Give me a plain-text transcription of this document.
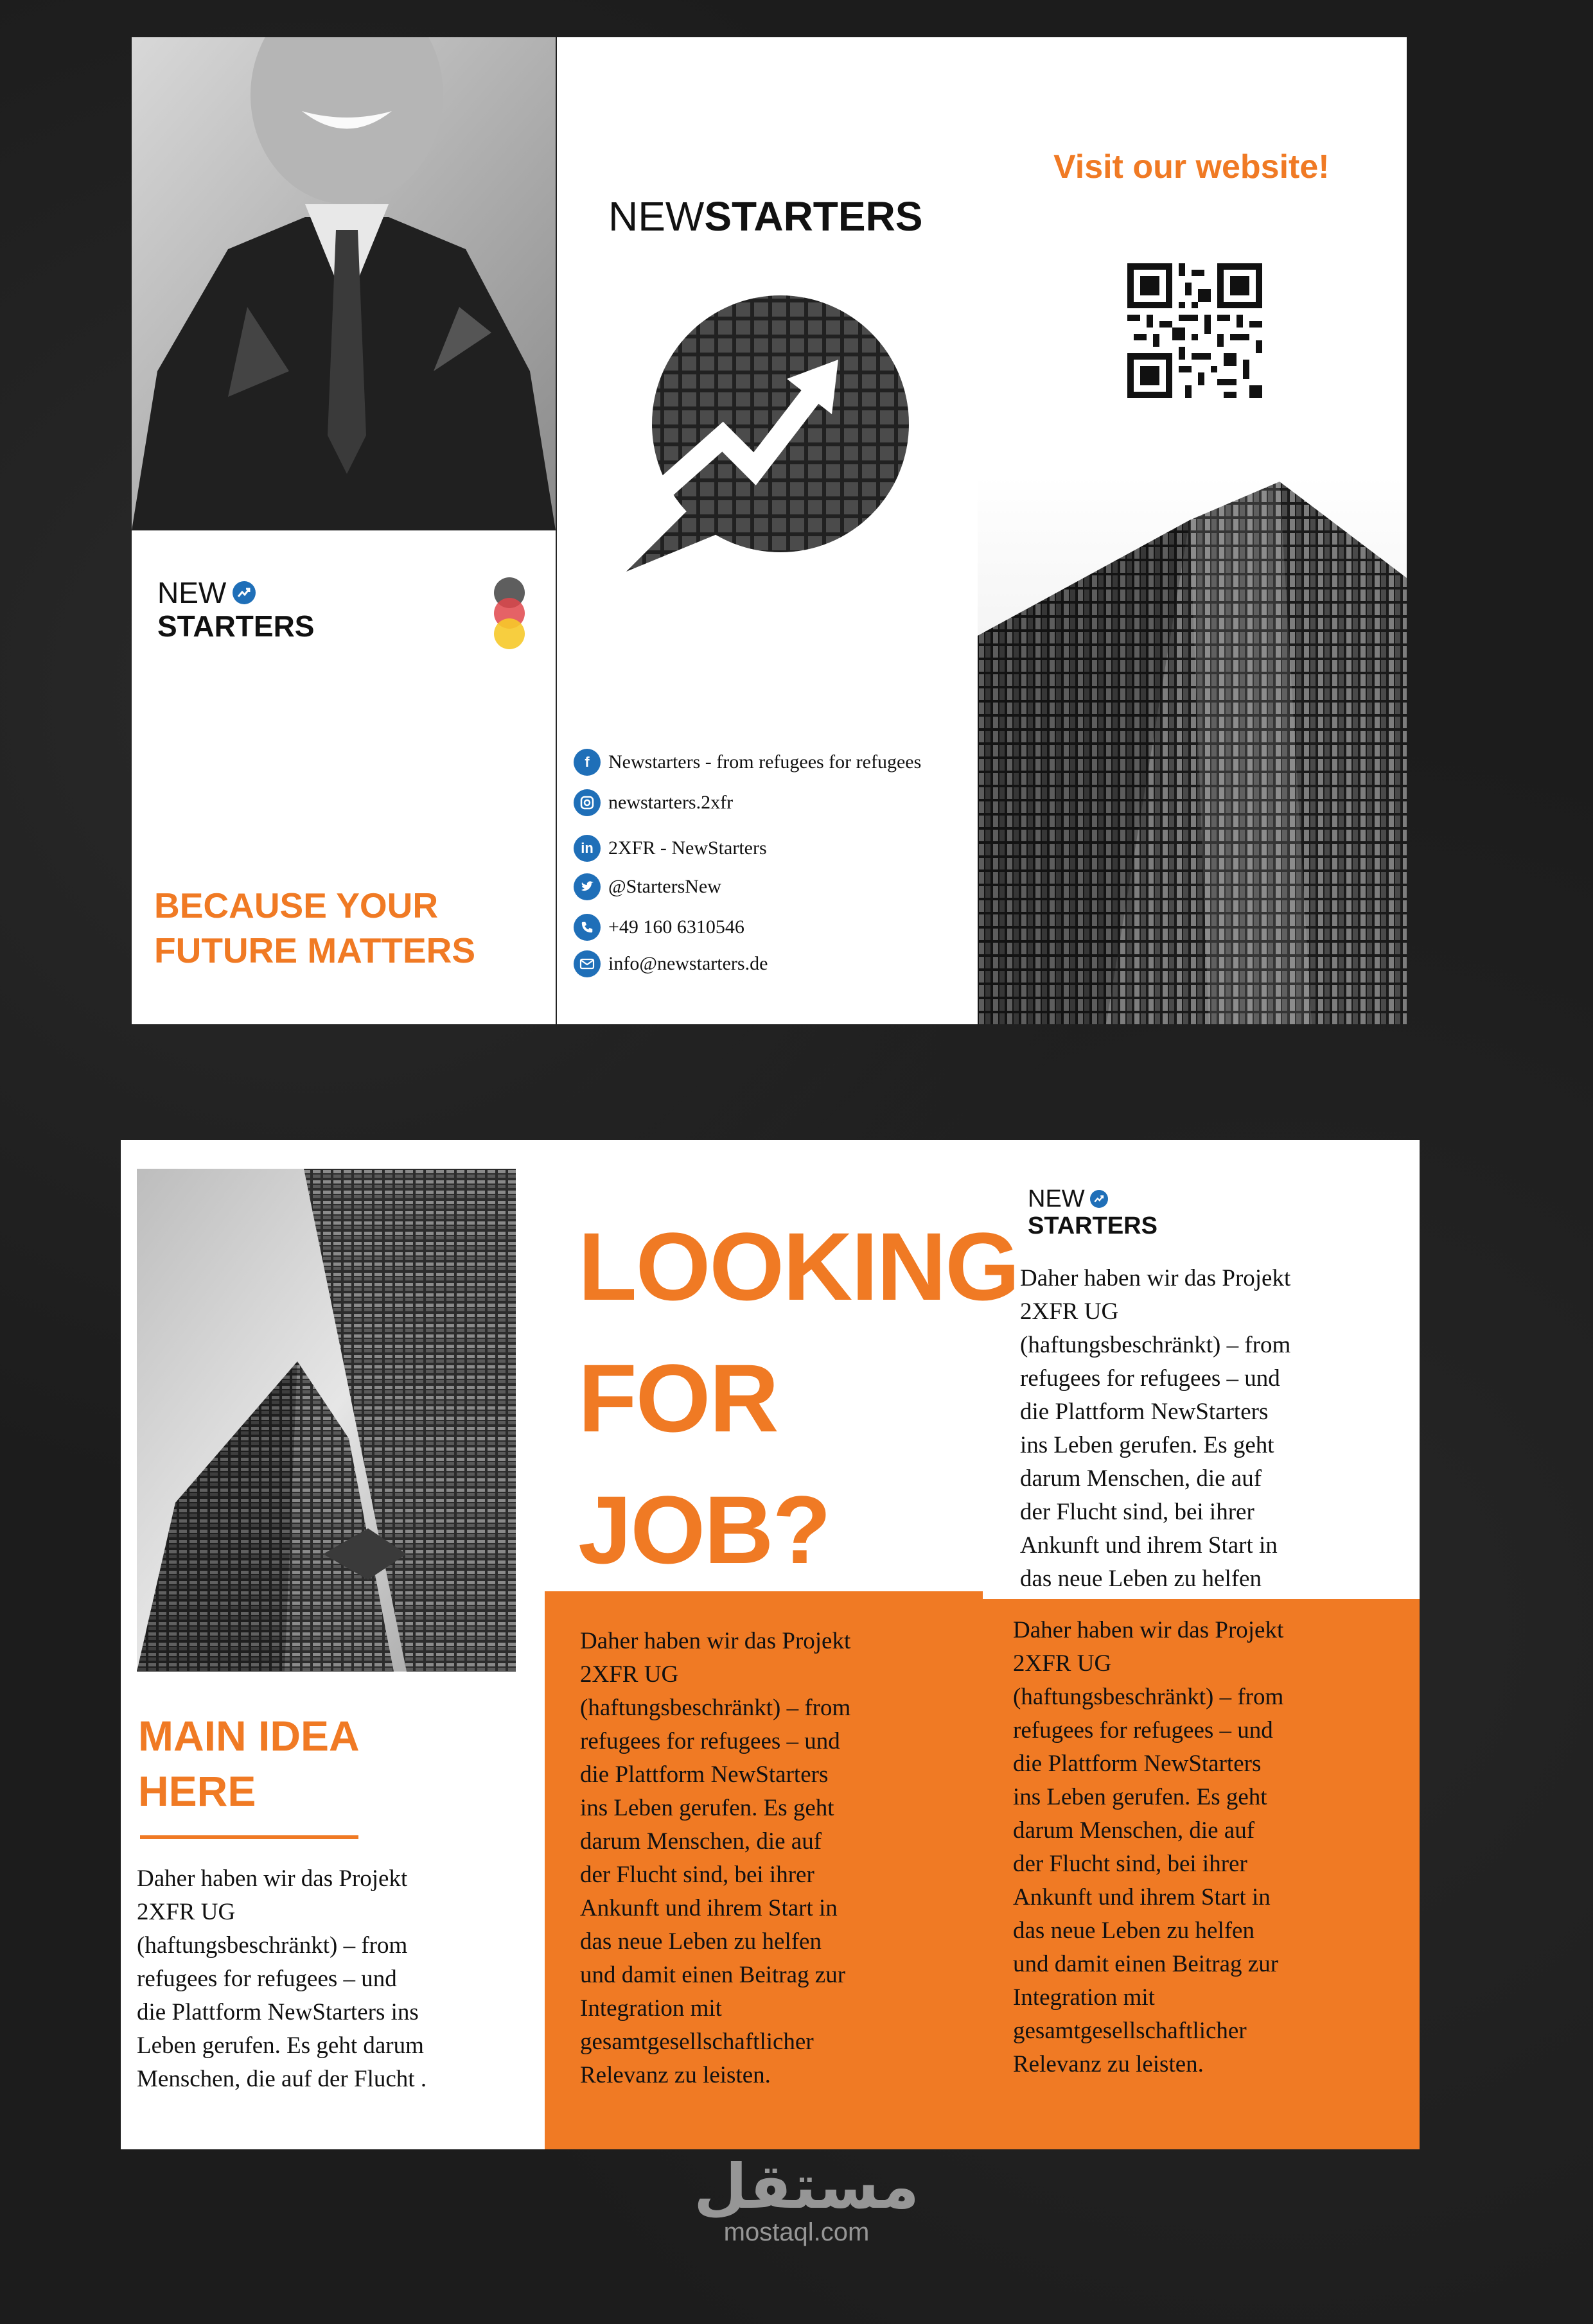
NEW
STARTERS
BECAUSE YOUR
FUTURE MATTERS
NEWSTARTERS
f Newstarters - from refugees for refugees
newstarters.2xfr
in 2XFR - NewStarters
@StartersNew
+49 160 6310546
info@newstarters.de
Visit our website!
MAIN IDEA
HERE
Daher haben wir das Projekt
2XFR UG
(haftungsbeschränkt) – from
refugees for refugees – und
die Plattform NewStarters ins
Leben gerufen. Es geht darum
Menschen, die auf der Flucht .
LOOKING
FOR
JOB?
NEW
STARTERS
Daher haben wir das Projekt
2XFR UG
(haftungsbeschränkt) – from
refugees for refugees – und
die Plattform NewStarters
ins Leben gerufen. Es geht
darum Menschen, die auf
der Flucht sind, bei ihrer
Ankunft und ihrem Start in
das neue Leben zu helfen
Daher haben wir das Projekt
2XFR UG
(haftungsbeschränkt) – from
refugees for refugees – und
die Plattform NewStarters
ins Leben gerufen. Es geht
darum Menschen, die auf
der Flucht sind, bei ihrer
Ankunft und ihrem Start in
das neue Leben zu helfen
und damit einen Beitrag zur
Integration mit
gesamtgesellschaftlicher
Relevanz zu leisten.
Daher haben wir das Projekt
2XFR UG
(haftungsbeschränkt) – from
refugees for refugees – und
die Plattform NewStarters
ins Leben gerufen. Es geht
darum Menschen, die auf
der Flucht sind, bei ihrer
Ankunft und ihrem Start in
das neue Leben zu helfen
und damit einen Beitrag zur
Integration mit
gesamtgesellschaftlicher
Relevanz zu leisten.
مستقل
mostaql.com
